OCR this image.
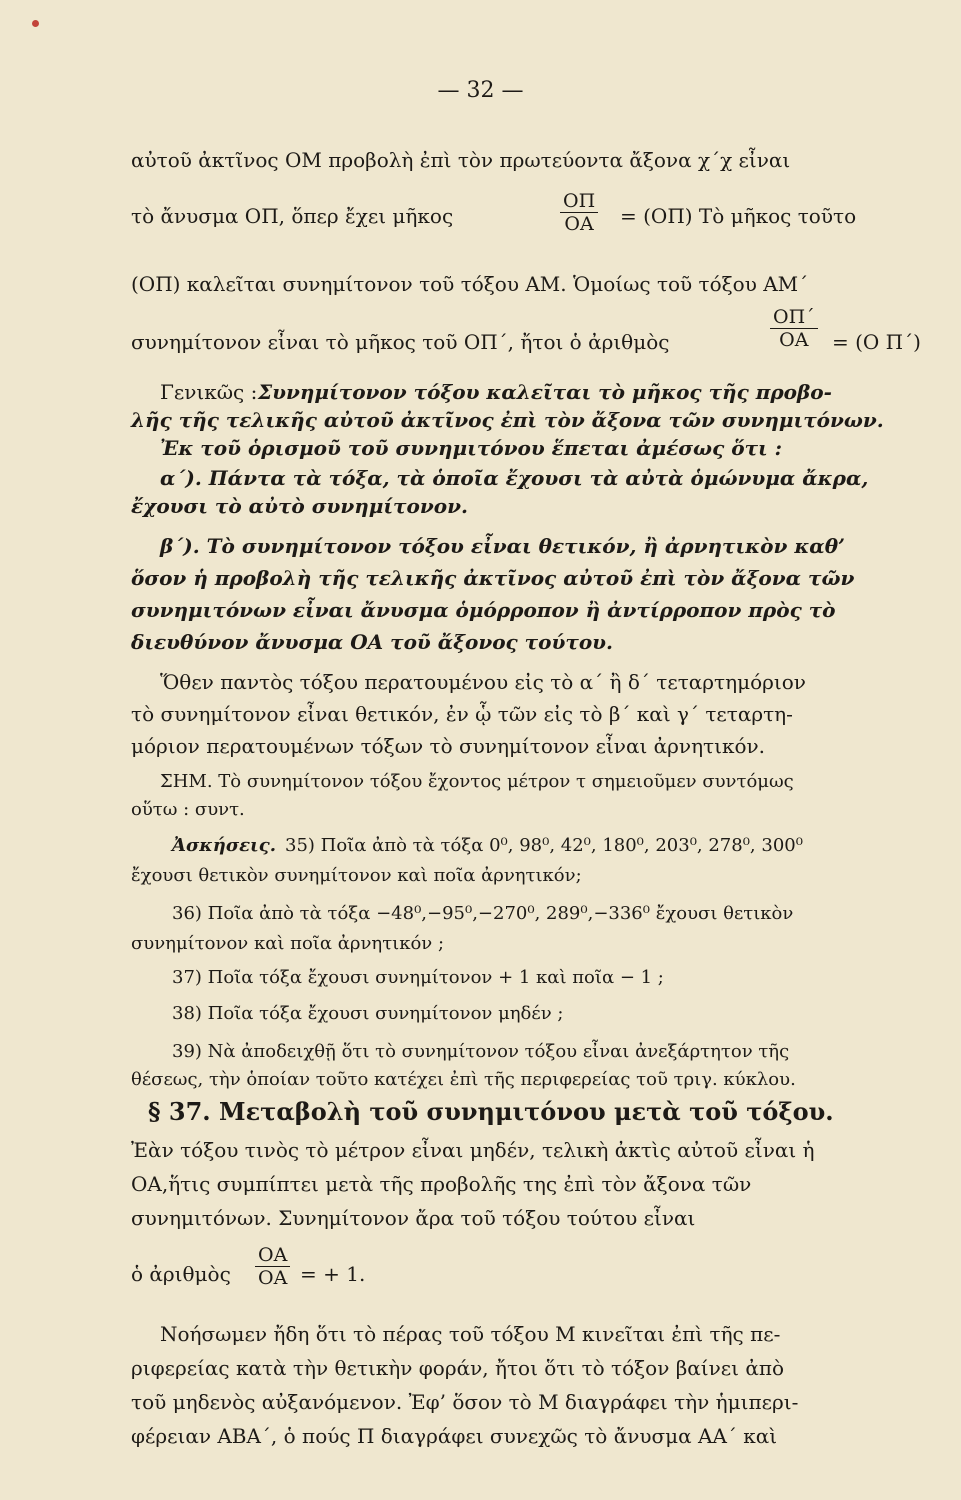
— 32 —
αὐτοῦ ἀκτῖνος ΟΜ προβολὴ ἐπὶ τὸν πρωτεύοντα ἄξονα χ΄χ εἶναι
τὸ ἄνυσμα ΟΠ, ὅπερ ἔχει μῆκος	$\frac{O\Pi}{OA} = (O\Pi)$ Τὸ μῆκος τοῦτο
(ΟΠ) καλεῖται συνημίτονον τοῦ τόξου ΑΜ. Ὁμοίως τοῦ τόξου ΑΜ΄
συνημίτονον εἶναι τὸ μῆκος τοῦ ΟΠ΄, ἤτοι ὁ ἀριθμὸς	$\frac{O\Pi΄}{OA} = (O$ Π΄)
Γενικῶς : Συνημίτονον τόξου καλεῖται τὸ μῆκος τῆς προβο-
λῆς τῆς τελικῆς αὐτοῦ ἀκτῖνος ἐπὶ τὸν ἄξονα τῶν συνημιτόνων.
Ἐκ τοῦ ὁρισμοῦ τοῦ συνημιτόνου ἕπεται ἀμέσως ὅτι :
α΄). Πάντα τὰ τόξα, τὰ ὁποῖα ἔχουσι τὰ αὐτὰ ὁμώνυμα ἄκρα,
ἔχουσι τὸ αὐτὸ συνημίτονον.
β΄). Τὸ συνημίτονον τόξου εἶναι θετικόν, ἢ ἀρνητικὸν καθ’
ὅσον ἡ προβολὴ τῆς τελικῆς ἀκτῖνος αὐτοῦ ἐπὶ τὸν ἄξονα τῶν
συνημιτόνων εἶναι ἄνυσμα ὁμόρροπον ἢ ἀντίρροπον πρὸς τὸ
διευθύνον ἄνυσμα ΟΑ τοῦ ἄξονος τούτου.
Ὅθεν παντὸς τόξου περατουμένου εἰς τὸ α΄ ἢ δ΄ τεταρτημόριον
τὸ συνημίτονον εἶναι θετικόν, ἐν ᾧ τῶν εἰς τὸ β΄ καὶ γ΄ τεταρτη-
μόριον περατουμένων τόξων τὸ συνημίτονον εἶναι ἀρνητικόν.
ΣΗΜ. Τὸ συνημίτονον τόξου ἔχοντος μέτρον τ σημειοῦμεν συντόμως
οὕτω : συντ.
Ἀσκήσεις. 35) Ποῖα ἀπὸ τὰ τόξα 0⁰, 98⁰, 42⁰, 180⁰, 203⁰, 278⁰, 300⁰
ἔχουσι θετικὸν συνημίτονον καὶ ποῖα ἀρνητικόν;
36) Ποῖα ἀπὸ τὰ τόξα −48⁰,−95⁰,−270⁰, 289⁰,−336⁰ ἔχουσι θετικὸν
συνημίτονον καὶ ποῖα ἀρνητικόν ;
37) Ποῖα τόξα ἔχουσι συνημίτονον + 1 καὶ ποῖα − 1 ;
38) Ποῖα τόξα ἔχουσι συνημίτονον μηδέν ;
39) Νὰ ἀποδειχθῇ ὅτι τὸ συνημίτονον τόξου εἶναι ἀνεξάρτητον τῆς
θέσεως, τὴν ὁποίαν τοῦτο κατέχει ἐπὶ τῆς περιφερείας τοῦ τριγ. κύκλου.
§ 37. Μεταβολὴ τοῦ συνημιτόνου μετὰ τοῦ τόξου.
Ἐὰν τόξου τινὸς τὸ μέτρον εἶναι μηδέν, τελικὴ ἀκτὶς αὐτοῦ εἶναι ἡ
ΟΑ,ἥτις συμπίπτει μετὰ τῆς προβολῆς της ἐπὶ τὸν ἄξονα τῶν
συνημιτόνων. Συνημίτονον ἄρα τοῦ τόξου τούτου εἶναι
ὁ ἀριθμὸς $\frac{OA}{OA}$ = + 1.
Νοήσωμεν ἤδη ὅτι τὸ πέρας τοῦ τόξου Μ κινεῖται ἐπὶ τῆς πε-
ριφερείας κατὰ τὴν θετικὴν φοράν, ἤτοι ὅτι τὸ τόξον βαίνει ἀπὸ
τοῦ μηδενὸς αὐξανόμενον. Ἐφ’ ὅσον τὸ Μ διαγράφει τὴν ἡμιπερι-
φέρειαν ΑΒΑ΄, ὁ πούς Π διαγράφει συνεχῶς τὸ ἄνυσμα ΑΑ΄ καὶ
